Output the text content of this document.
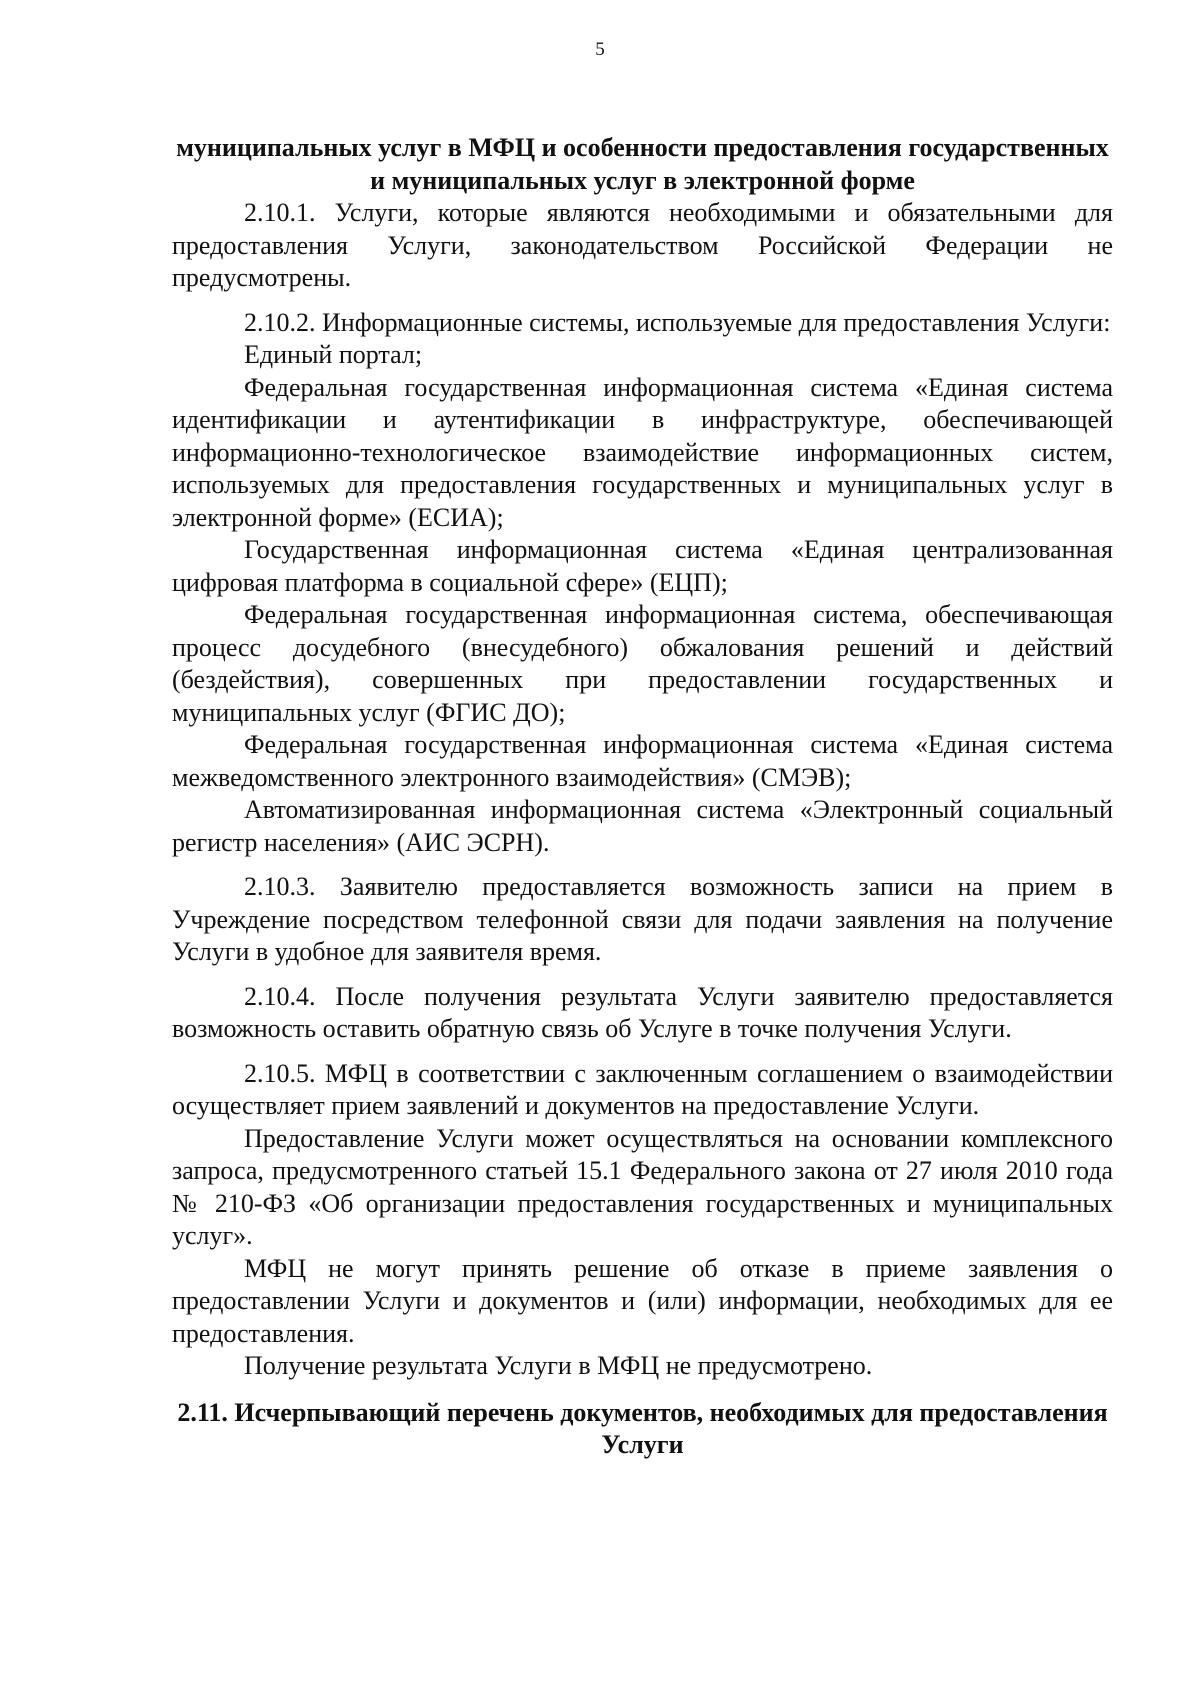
5

муниципальных услуг в МФЦ и особенности предоставления государственных и муниципальных услуг в электронной форме

2.10.1. Услуги, которые являются необходимыми и обязательными для предоставления Услуги, законодательством Российской Федерации не предусмотрены.

2.10.2. Информационные системы, используемые для предоставления Услуги:

Единый портал;

Федеральная государственная информационная система «Единая система идентификации и аутентификации в инфраструктуре, обеспечивающей информационно-технологическое взаимодействие информационных систем, используемых для предоставления государственных и муниципальных услуг в электронной форме» (ЕСИА);

Государственная информационная система «Единая централизованная цифровая платформа в социальной сфере» (ЕЦП);

Федеральная государственная информационная система, обеспечивающая процесс досудебного (внесудебного) обжалования решений и действий (бездействия), совершенных при предоставлении государственных и муниципальных услуг (ФГИС ДО);

Федеральная государственная информационная система «Единая система межведомственного электронного взаимодействия» (СМЭВ);

Автоматизированная информационная система «Электронный социальный регистр населения» (АИС ЭСРН).

2.10.3. Заявителю предоставляется возможность записи на прием в Учреждение посредством телефонной связи для подачи заявления на получение Услуги в удобное для заявителя время.

2.10.4. После получения результата Услуги заявителю предоставляется возможность оставить обратную связь об Услуге в точке получения Услуги.

2.10.5. МФЦ в соответствии с заключенным соглашением о взаимодействии осуществляет прием заявлений и документов на предоставление Услуги.

Предоставление Услуги может осуществляться на основании комплексного запроса, предусмотренного статьей 15.1 Федерального закона от 27 июля 2010 года № 210-ФЗ «Об организации предоставления государственных и муниципальных услуг».

МФЦ не могут принять решение об отказе в приеме заявления о предоставлении Услуги и документов и (или) информации, необходимых для ее предоставления.

Получение результата Услуги в МФЦ не предусмотрено.

2.11. Исчерпывающий перечень документов, необходимых для предоставления Услуги
